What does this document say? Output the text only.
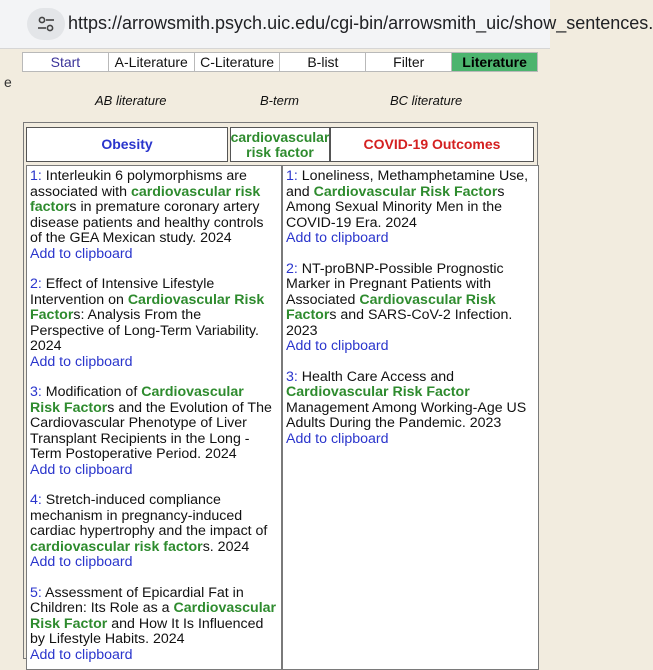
https://arrowsmith.psych.uic.edu/cgi-bin/arrowsmith_uic/show_sentences.
e
Start	A-Literature	C-Literature	B-list	Filter	Literature
AB literature	B-term	BC literature
Obesity	cardiovascular risk factor	COVID-19 Outcomes
1: Interleukin 6 polymorphisms are associated with cardiovascular risk factors in premature coronary artery disease patients and healthy controls of the GEA Mexican study. 2024
Add to clipboard
2: Effect of Intensive Lifestyle Intervention on Cardiovascular Risk Factors: Analysis From the Perspective of Long-Term Variability. 2024
Add to clipboard
3: Modification of Cardiovascular Risk Factors and the Evolution of The Cardiovascular Phenotype of Liver Transplant Recipients in the Long -Term Postoperative Period. 2024
Add to clipboard
4: Stretch-induced compliance mechanism in pregnancy-induced cardiac hypertrophy and the impact of cardiovascular risk factors. 2024
Add to clipboard
5: Assessment of Epicardial Fat in Children: Its Role as a Cardiovascular Risk Factor and How It Is Influenced by Lifestyle Habits. 2024
Add to clipboard
1: Loneliness, Methamphetamine Use, and Cardiovascular Risk Factors Among Sexual Minority Men in the COVID-19 Era. 2024
Add to clipboard
2: NT-proBNP-Possible Prognostic Marker in Pregnant Patients with Associated Cardiovascular Risk Factors and SARS-CoV-2 Infection. 2023
Add to clipboard
3: Health Care Access and Cardiovascular Risk Factor Management Among Working-Age US Adults During the Pandemic. 2023
Add to clipboard
